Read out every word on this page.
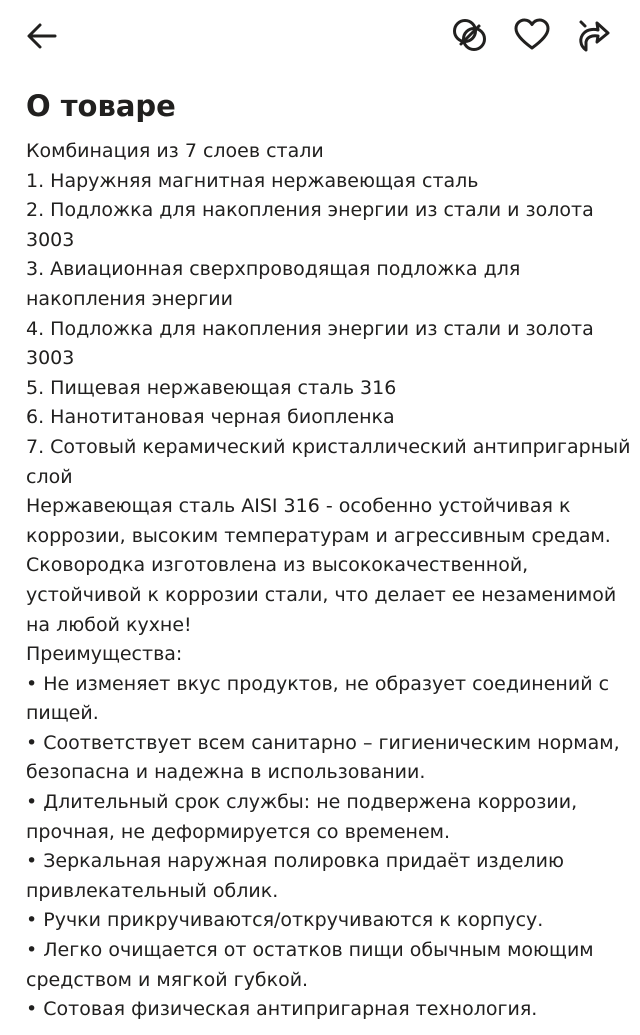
О товаре
Комбинация из 7 слоев стали
1. Наружняя магнитная нержавеющая сталь
2. Подложка для накопления энергии из стали и золота
3003
3. Авиационная сверхпроводящая подложка для
накопления энергии
4. Подложка для накопления энергии из стали и золота
3003
5. Пищевая нержавеющая сталь 316
6. Нанотитановая черная биопленка
7. Сотовый керамический кристаллический антипригарный
слой
Нержавеющая сталь AISI 316 - особенно устойчивая к
коррозии, высоким температурам и агрессивным средам.
Сковородка изготовлена из высококачественной,
устойчивой к коррозии стали, что делает ее незаменимой
на любой кухне!
Преимущества:
• Не изменяет вкус продуктов, не образует соединений с
пищей.
• Соответствует всем санитарно – гигиеническим нормам,
безопасна и надежна в использовании.
• Длительный срок службы: не подвержена коррозии,
прочная, не деформируется со временем.
• Зеркальная наружная полировка придаёт изделию
привлекательный облик.
• Ручки прикручиваются/откручиваются к корпусу.
• Легко очищается от остатков пищи обычным моющим
средством и мягкой губкой.
• Сотовая физическая антипригарная технология.
